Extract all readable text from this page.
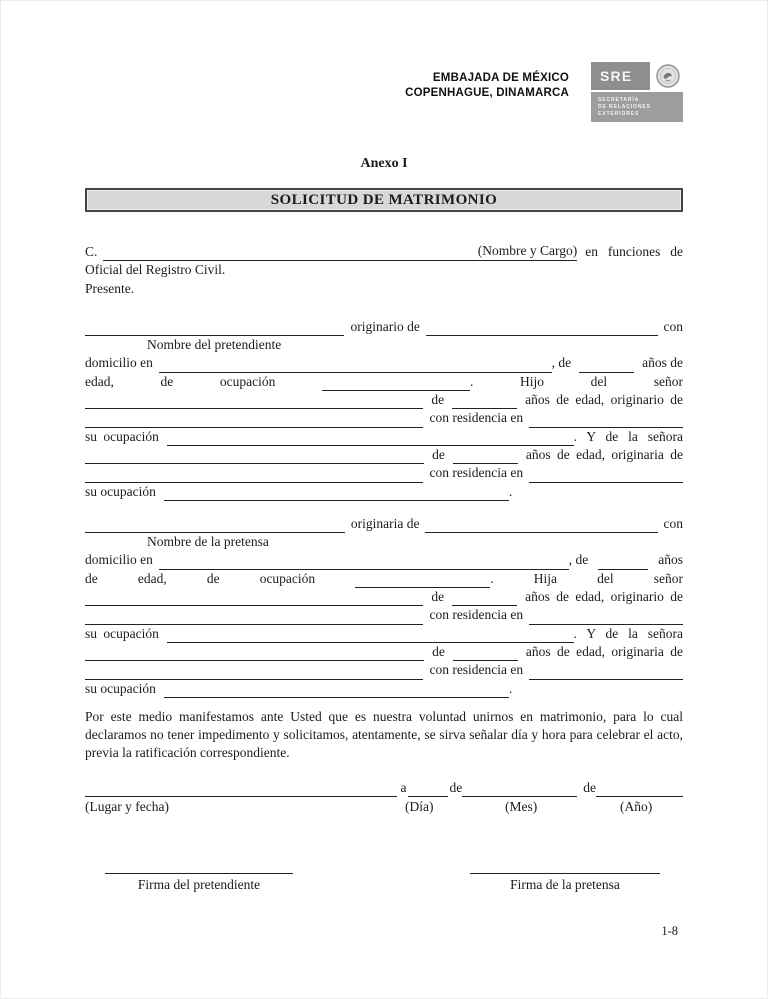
EMBAJADA DE MÉXICO
COPENHAGUE, DINAMARCA
SRE
SECRETARÍA
DE RELACIONES
EXTERIORES
Anexo I
SOLICITUD DE MATRIMONIO
C.	(Nombre y Cargo) en funciones de
Oficial del Registro Civil.
Presente.
originario de	con
Nombre del pretendiente
domicilio en	, de	años de
edad,	de	ocupación	.	Hijo	del	señor
de	años de edad, originario de
con residencia en
su ocupación	. Y de la señora
de	años de edad, originaria de
con residencia en
su ocupación	.
originaria de	con
Nombre de la pretensa
domicilio en	, de	años
de	edad,	de	ocupación	.	Hija	del	señor
de	años de edad, originario de
con residencia en
su ocupación	. Y de la señora
de	años de edad, originaria de
con residencia en
su ocupación	.

Por este medio manifestamos ante Usted que es nuestra voluntad unirnos en matrimonio, para lo cual declaramos no tener impedimento y solicitamos, atentamente, se sirva señalar día y hora para celebrar el acto, previa la ratificación correspondiente.

a	de	de
(Lugar y fecha)	(Día)	(Mes)	(Año)
Firma del pretendiente	Firma de la pretensa
1-8
